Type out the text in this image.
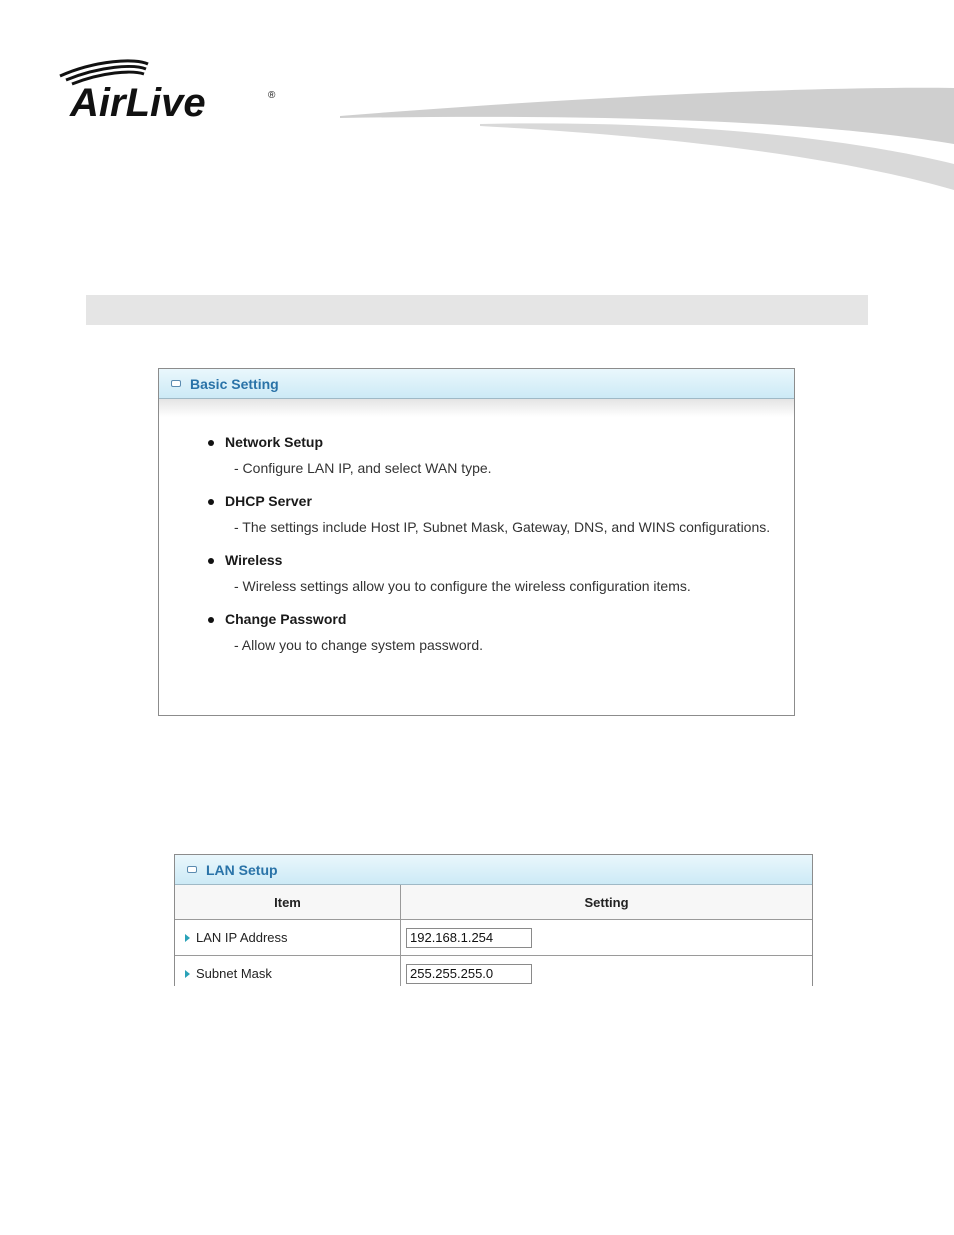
AirLive	®
Basic Setting
Network Setup
- Configure LAN IP, and select WAN type.
DHCP Server
- The settings include Host IP, Subnet Mask, Gateway, DNS, and WINS configurations.
Wireless
- Wireless settings allow you to configure the wireless configuration items.
Change Password
- Allow you to change system password.
LAN Setup
Item	Setting
LAN IP Address	192.168.1.254
Subnet Mask	255.255.255.0
